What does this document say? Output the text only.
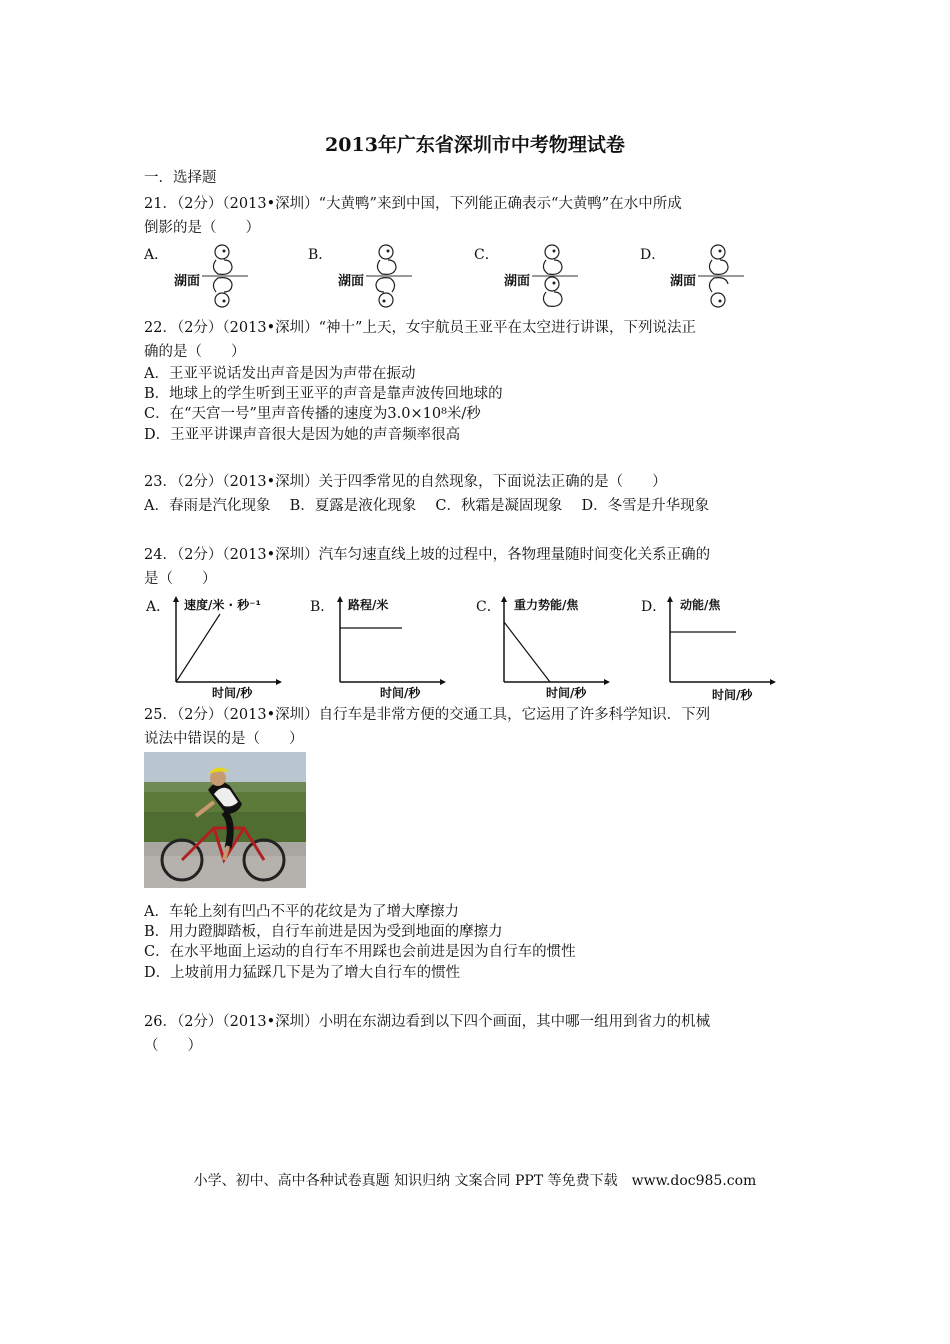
2013年广东省深圳市中考物理试卷
一．选择题
21．（2分）（2013•深圳）“大黄鸭”来到中国，下列能正确表示“大黄鸭”在水中所成
倒影的是（　　）
A．	B．	C．	D．
湖面	湖面	湖面	湖面
22．（2分）（2013•深圳）“神十”上天，女宇航员王亚平在太空进行讲课，下列说法正
确的是（　　）
A．王亚平说话发出声音是因为声带在振动
B．地球上的学生听到王亚平的声音是靠声波传回地球的
C．在“天宫一号”里声音传播的速度为3.0×10⁸米/秒
D．王亚平讲课声音很大是因为她的声音频率很高
23．（2分）（2013•深圳）关于四季常见的自然现象，下面说法正确的是（　　）
A．春雨是汽化现象　 B．夏露是液化现象　 C．秋霜是凝固现象　 D．冬雪是升华现象
24．（2分）（2013•深圳）汽车匀速直线上坡的过程中，各物理量随时间变化关系正确的
是（　　）
A．	B．	C．	D．
速度/米 · 秒⁻¹
时间/秒
路程/米
时间/秒
重力势能/焦
时间/秒
动能/焦
时间/秒
25．（2分）（2013•深圳）自行车是非常方便的交通工具，它运用了许多科学知识．下列
说法中错误的是（　　）
A．车轮上刻有凹凸不平的花纹是为了增大摩擦力
B．用力蹬脚踏板，自行车前进是因为受到地面的摩擦力
C．在水平地面上运动的自行车不用踩也会前进是因为自行车的惯性
D．上坡前用力猛踩几下是为了增大自行车的惯性
26．（2分）（2013•深圳）小明在东湖边看到以下四个画面，其中哪一组用到省力的机械
（　　）
小学、初中、高中各种试卷真题 知识归纳 文案合同 PPT 等免费下载　www.doc985.com
